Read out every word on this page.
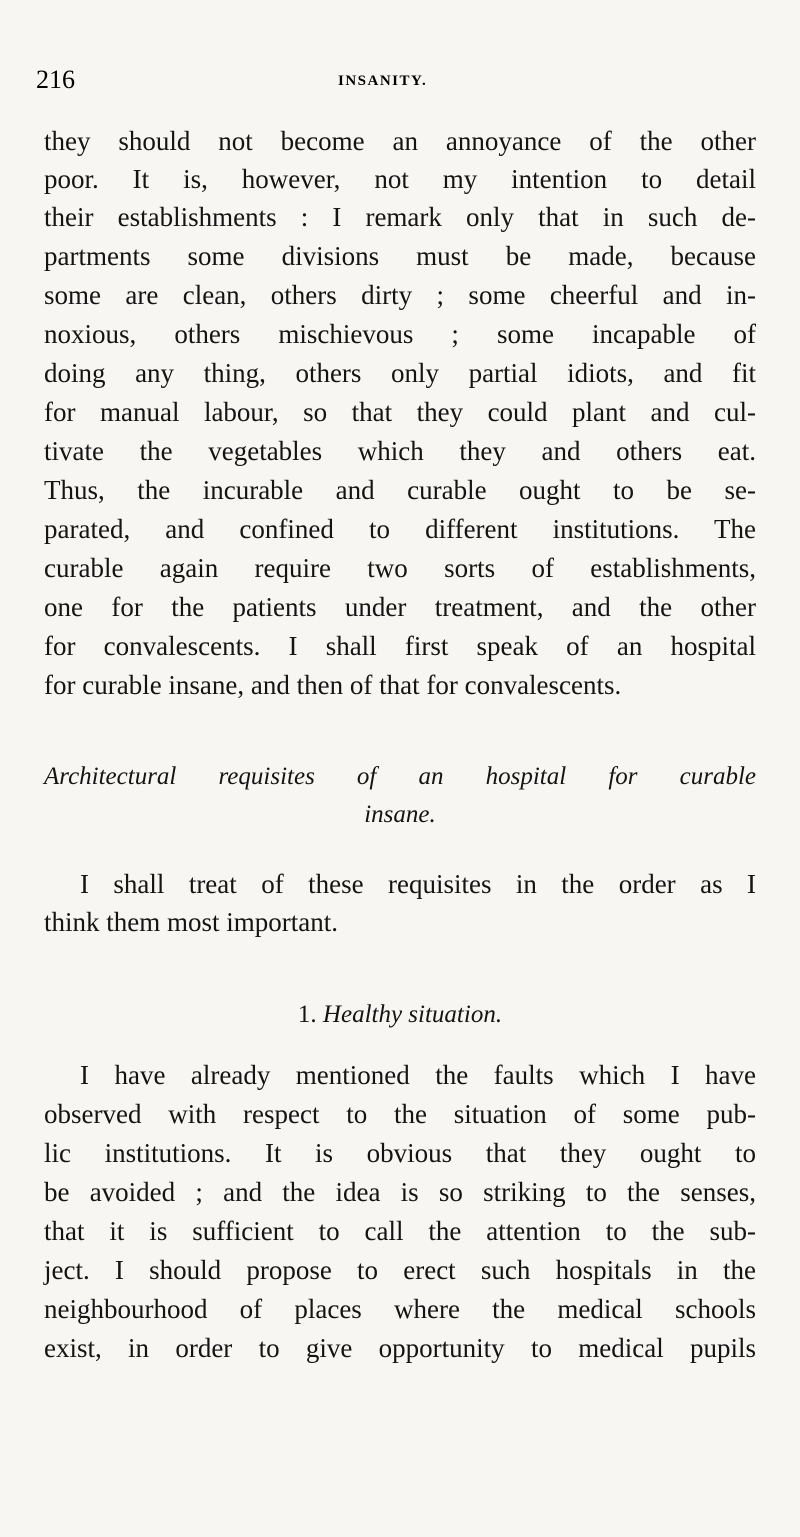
216	INSANITY.
they should not become an annoyance of the other
poor. It is, however, not my intention to detail
their establishments : I remark only that in such de-
partments some divisions must be made, because
some are clean, others dirty ; some cheerful and in-
noxious, others mischievous ; some incapable of
doing any thing, others only partial idiots, and fit
for manual labour, so that they could plant and cul-
tivate the vegetables which they and others eat.
Thus, the incurable and curable ought to be se-
parated, and confined to different institutions. The
curable again require two sorts of establishments,
one for the patients under treatment, and the other
for convalescents. I shall first speak of an hospital
for curable insane, and then of that for convalescents.
Architectural requisites of an hospital for curable
insane.
I shall treat of these requisites in the order as I
think them most important.
1. Healthy situation.
I have already mentioned the faults which I have
observed with respect to the situation of some pub-
lic institutions. It is obvious that they ought to
be avoided ; and the idea is so striking to the senses,
that it is sufficient to call the attention to the sub-
ject. I should propose to erect such hospitals in the
neighbourhood of places where the medical schools
exist, in order to give opportunity to medical pupils
